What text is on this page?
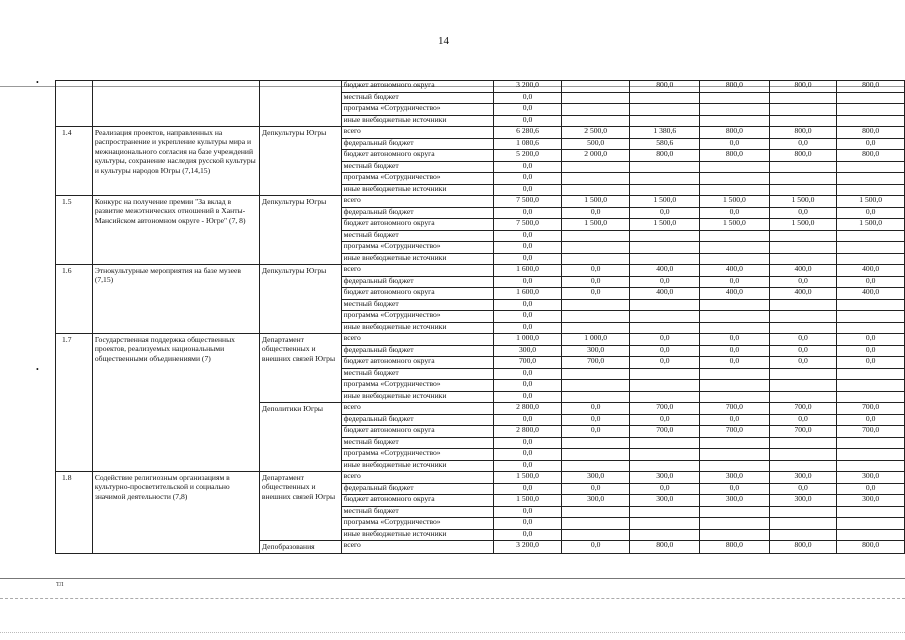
14
•
•
			бюджет автономного округа	3 200,0		800,0	800,0	800,0	800,0
			местный бюджет	0,0					
			программа «Сотрудничество»	0,0					
			иные внебюджетные источники	0,0					
1.4	Реализация проектов, направленных на распространение и укрепление культуры мира и межнационального согласия на базе учреждений культуры, сохранение наследия русской культуры и культуры народов Югры (7,14,15)	Депкультуры Югры	всего	6 280,6	2 500,0	1 380,6	800,0	800,0	800,0
			федеральный бюджет	1 080,6	500,0	580,6	0,0	0,0	0,0
			бюджет автономного округа	5 200,0	2 000,0	800,0	800,0	800,0	800,0
			местный бюджет	0,0					
			программа «Сотрудничество»	0,0					
			иные внебюджетные источники	0,0					
1.5	Конкурс на получение премии "За вклад в развитие межэтнических отношений в Ханты-Мансийском автономном округе - Югре" (7, 8)	Депкультуры Югры	всего	7 500,0	1 500,0	1 500,0	1 500,0	1 500,0	1 500,0
			федеральный бюджет	0,0	0,0	0,0	0,0	0,0	0,0
			бюджет автономного округа	7 500,0	1 500,0	1 500,0	1 500,0	1 500,0	1 500,0
			местный бюджет	0,0					
			программа «Сотрудничество»	0,0					
			иные внебюджетные источники	0,0					
1.6	Этнокультурные мероприятия на базе музеев (7,15)	Депкультуры Югры	всего	1 600,0	0,0	400,0	400,0	400,0	400,0
			федеральный бюджет	0,0	0,0	0,0	0,0	0,0	0,0
			бюджет автономного округа	1 600,0	0,0	400,0	400,0	400,0	400,0
			местный бюджет	0,0					
			программа «Сотрудничество»	0,0					
			иные внебюджетные источники	0,0					
1.7	Государственная поддержка общественных проектов, реализуемых национальными общественными объединениями (7)	Департамент общественных и внешних связей Югры	всего	1 000,0	1 000,0	0,0	0,0	0,0	0,0
			федеральный бюджет	300,0	300,0	0,0	0,0	0,0	0,0
			бюджет автономного округа	700,0	700,0	0,0	0,0	0,0	0,0
			местный бюджет	0,0					
			программа «Сотрудничество»	0,0					
			иные внебюджетные источники	0,0					
		Деполитики Югры	всего	2 800,0	0,0	700,0	700,0	700,0	700,0
			федеральный бюджет	0,0	0,0	0,0	0,0	0,0	0,0
			бюджет автономного округа	2 800,0	0,0	700,0	700,0	700,0	700,0
			местный бюджет	0,0					
			программа «Сотрудничество»	0,0					
			иные внебюджетные источники	0,0					
1.8	Содействие религиозным организациям в культурно-просветительской и социально значимой деятельности (7,8)	Департамент общественных и внешних связей Югры	всего	1 500,0	300,0	300,0	300,0	300,0	300,0
			федеральный бюджет	0,0	0,0	0,0	0,0	0,0	0,0
			бюджет автономного округа	1 500,0	300,0	300,0	300,0	300,0	300,0
			местный бюджет	0,0					
			программа «Сотрудничество»	0,0					
			иные внебюджетные источники	0,0					
		Депобразования	всего	3 200,0	0,0	800,0	800,0	800,0	800,0
ТЛ
